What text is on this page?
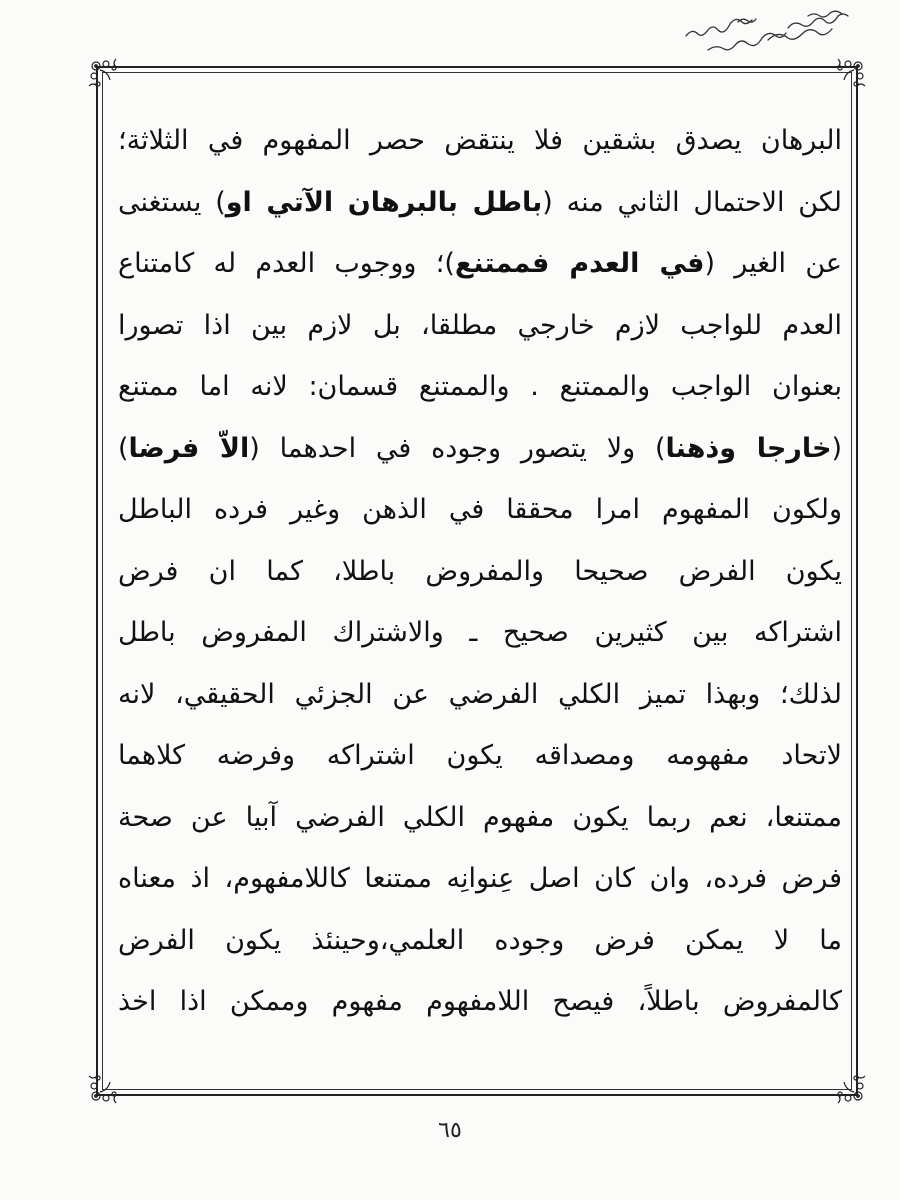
البرهان يصدق بشقين فلا ينتقض حصر المفهوم في الثلاثة؛
لكن الاحتمال الثاني منه (باطل بالبرهان الآتي او) يستغنى
عن الغير (في العدم فممتنع)؛ ووجوب العدم له كامتناع
العدم للواجب لازم خارجي مطلقا، بل لازم بين اذا تصورا
بعنوان الواجب والممتنع . والممتنع قسمان: لانه اما ممتنع
(خارجا وذهنا) ولا يتصور وجوده في احدهما (الاّ فرضا)
ولكون المفهوم امرا محققا في الذهن وغير فرده الباطل
يكون الفرض صحيحا والمفروض باطلا، كما ان فرض
اشتراكه بين كثيرين صحيح ـ والاشتراك المفروض باطل
لذلك؛ وبهذا تميز الكلي الفرضي عن الجزئي الحقيقي، لانه
لاتحاد مفهومه ومصداقه يكون اشتراكه وفرضه كلاهما
ممتنعا، نعم ربما يكون مفهوم الكلي الفرضي آبيا عن صحة
فرض فرده، وان كان اصل عِنوانِه ممتنعا كاللامفهوم، اذ معناه
ما لا يمكن فرض وجوده العلمي،وحينئذ يكون الفرض
كالمفروض باطلاً، فيصح اللامفهوم مفهوم وممكن اذا اخذ
٦٥
